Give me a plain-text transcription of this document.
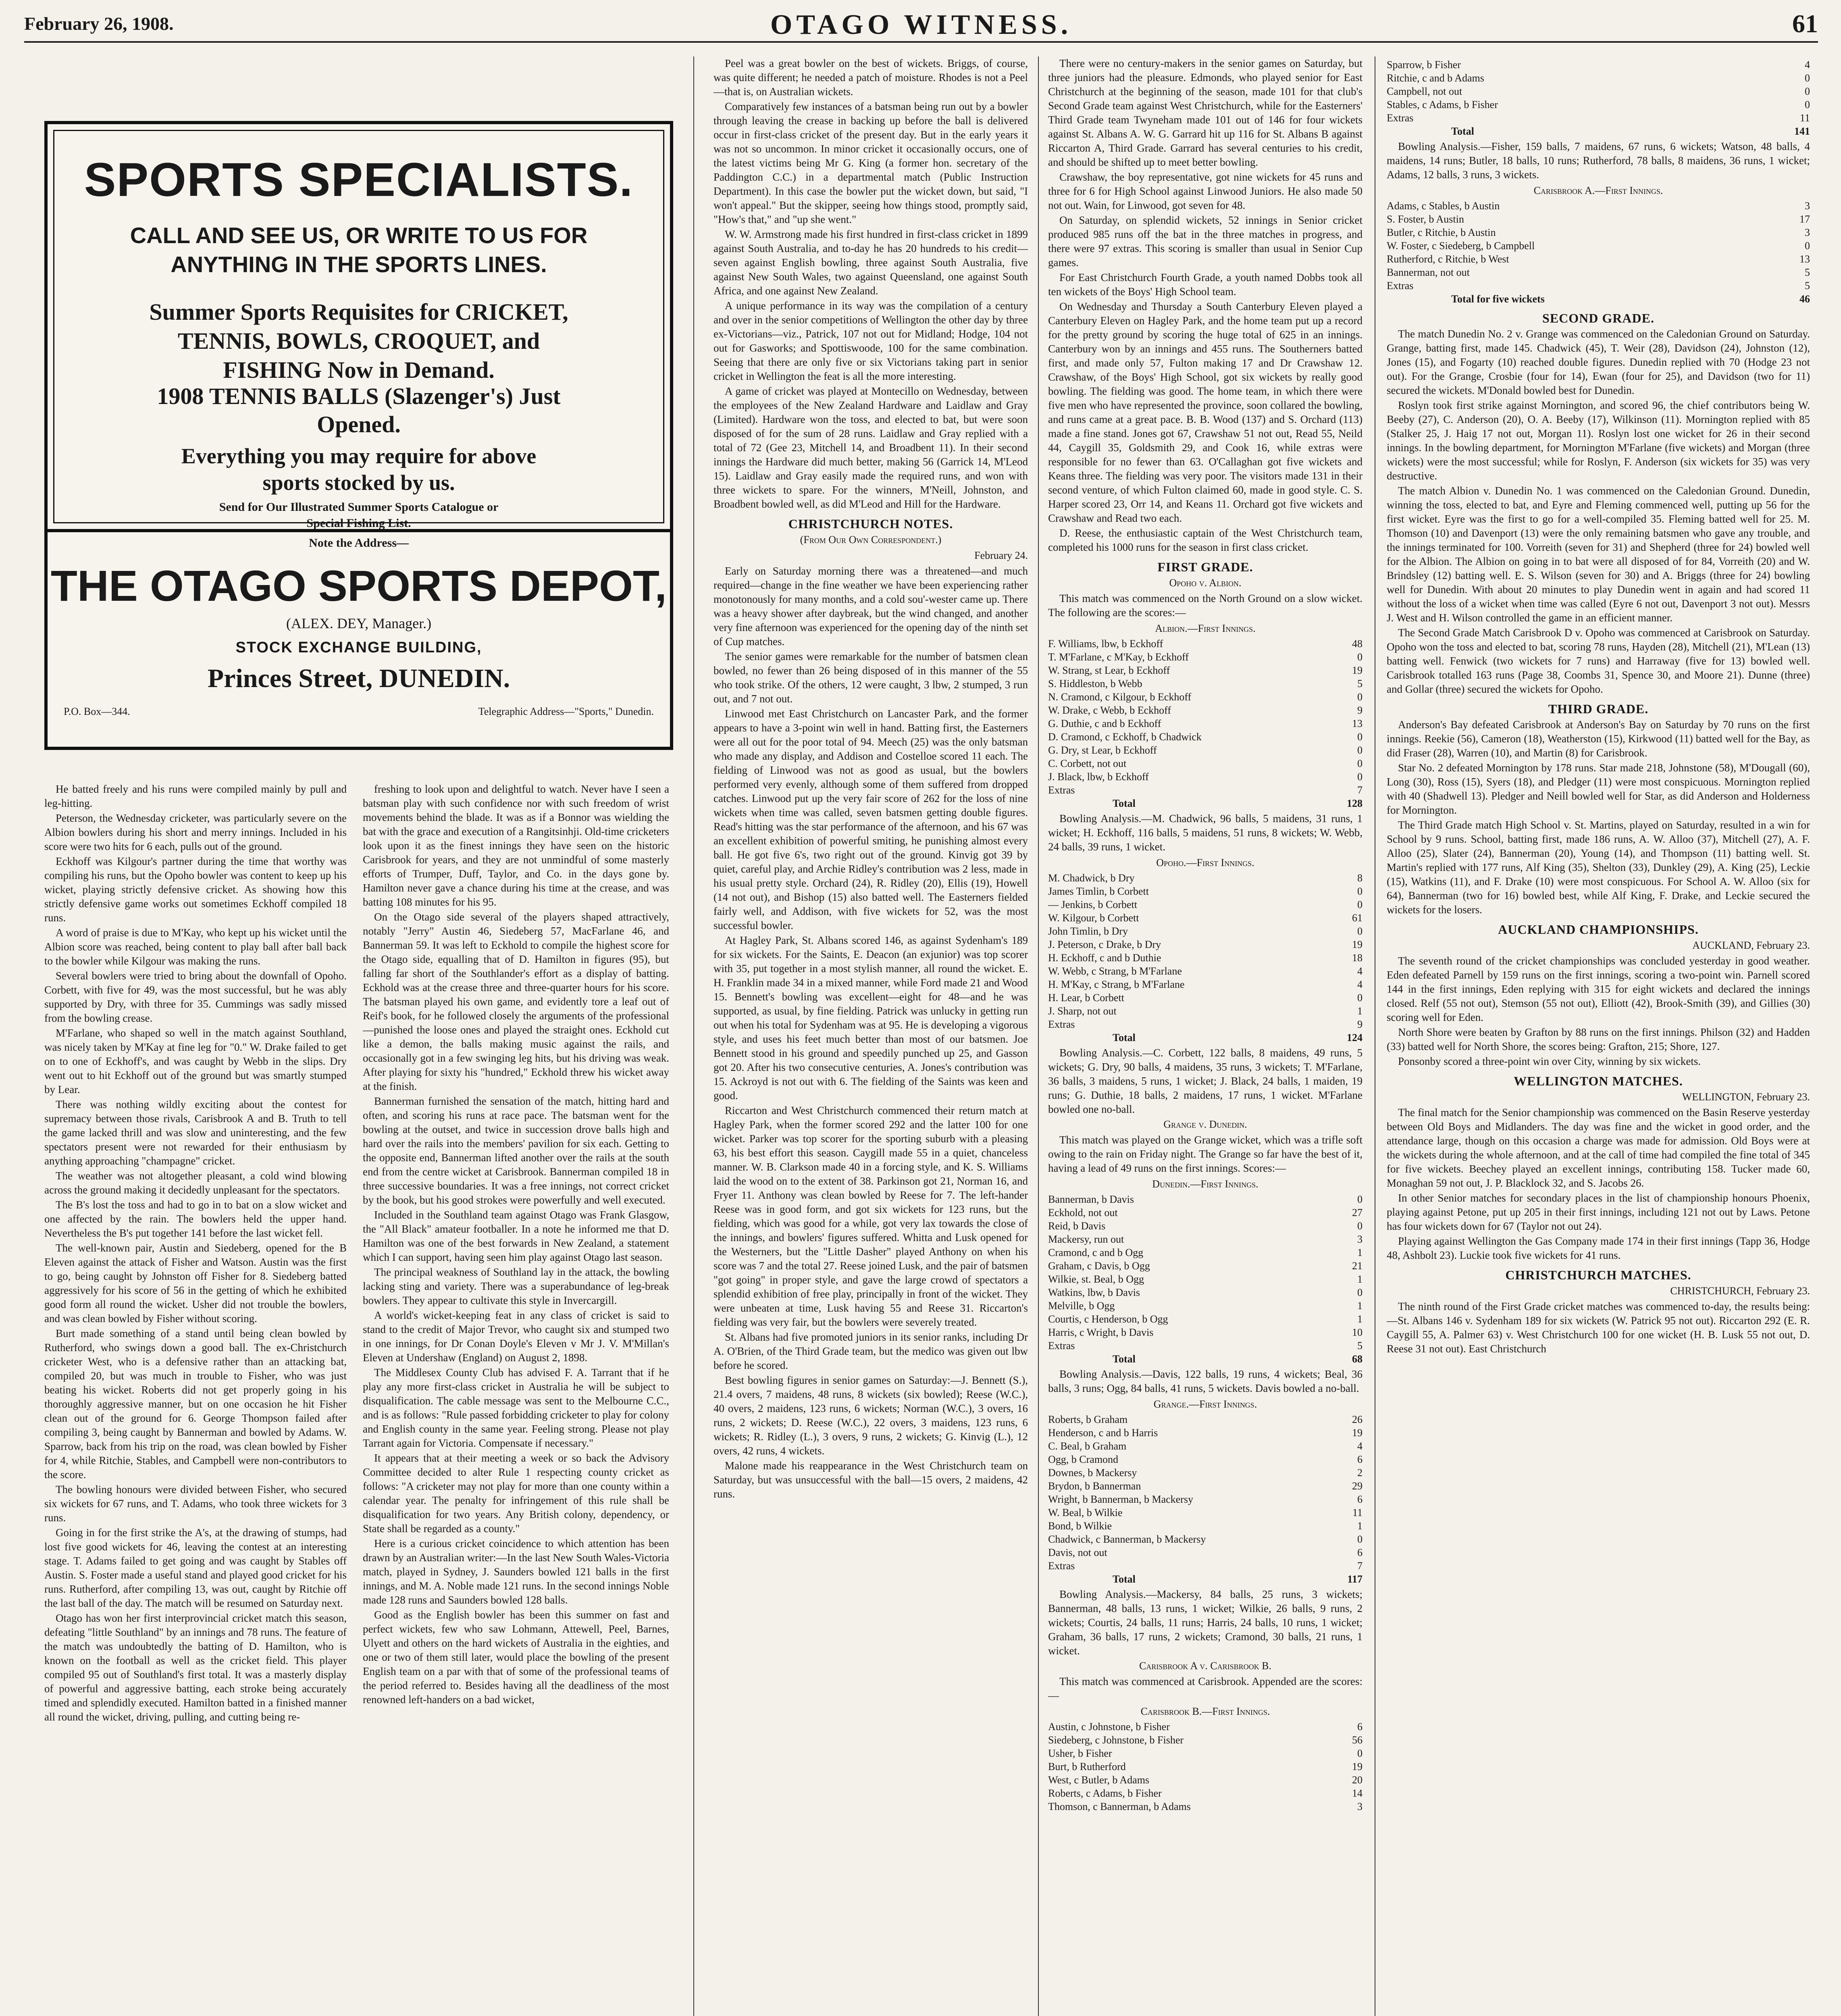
February 26, 1908.	OTAGO WITNESS.	61
SPORTS SPECIALISTS.
CALL AND SEE US, OR WRITE TO US FOR
ANYTHING IN THE SPORTS LINES.
Summer Sports Requisites for CRICKET,
TENNIS, BOWLS, CROQUET, and
FISHING Now in Demand.
1908 TENNIS BALLS (Slazenger's) Just
Opened.
Everything you may require for above
sports stocked by us.
Send for Our Illustrated Summer Sports Catalogue or
Special Fishing List.
Note the Address—
THE OTAGO SPORTS DEPOT,
(ALEX. DEY, Manager.)
STOCK EXCHANGE BUILDING,
Princes Street, DUNEDIN.
P.O. Box—344.	Telegraphic Address—"Sports," Dunedin.

He batted freely and his runs were compiled mainly by pull and leg-hitting.

Peterson, the Wednesday cricketer, was particularly severe on the Albion bowlers during his short and merry innings. Included in his score were two hits for 6 each, pulls out of the ground.

Eckhoff was Kilgour's partner during the time that worthy was compiling his runs, but the Opoho bowler was content to keep up his wicket, playing strictly defensive cricket. As showing how this strictly defensive game works out sometimes Eckhoff compiled 18 runs.

A word of praise is due to M'Kay, who kept up his wicket until the Albion score was reached, being content to play ball after ball back to the bowler while Kilgour was making the runs.

Several bowlers were tried to bring about the downfall of Opoho. Corbett, with five for 49, was the most successful, but he was ably supported by Dry, with three for 35. Cummings was sadly missed from the bowling crease.

M'Farlane, who shaped so well in the match against Southland, was nicely taken by M'Kay at fine leg for "0." W. Drake failed to get on to one of Eckhoff's, and was caught by Webb in the slips. Dry went out to hit Eckhoff out of the ground but was smartly stumped by Lear.

There was nothing wildly exciting about the contest for supremacy between those rivals, Carisbrook A and B. Truth to tell the game lacked thrill and was slow and uninteresting, and the few spectators present were not rewarded for their enthusiasm by anything approaching "champagne" cricket.

The weather was not altogether pleasant, a cold wind blowing across the ground making it decidedly unpleasant for the spectators.

The B's lost the toss and had to go in to bat on a slow wicket and one affected by the rain. The bowlers held the upper hand. Nevertheless the B's put together 141 before the last wicket fell.

The well-known pair, Austin and Siedeberg, opened for the B Eleven against the attack of Fisher and Watson. Austin was the first to go, being caught by Johnston off Fisher for 8. Siedeberg batted aggressively for his score of 56 in the getting of which he exhibited good form all round the wicket. Usher did not trouble the bowlers, and was clean bowled by Fisher without scoring.

Burt made something of a stand until being clean bowled by Rutherford, who swings down a good ball. The ex-Christchurch cricketer West, who is a defensive rather than an attacking bat, compiled 20, but was much in trouble to Fisher, who was just beating his wicket. Roberts did not get properly going in his thoroughly aggressive manner, but on one occasion he hit Fisher clean out of the ground for 6. George Thompson failed after compiling 3, being caught by Bannerman and bowled by Adams. W. Sparrow, back from his trip on the road, was clean bowled by Fisher for 4, while Ritchie, Stables, and Campbell were non-contributors to the score.

The bowling honours were divided between Fisher, who secured six wickets for 67 runs, and T. Adams, who took three wickets for 3 runs.

Going in for the first strike the A's, at the drawing of stumps, had lost five good wickets for 46, leaving the contest at an interesting stage. T. Adams failed to get going and was caught by Stables off Austin. S. Foster made a useful stand and played good cricket for his runs. Rutherford, after compiling 13, was out, caught by Ritchie off the last ball of the day. The match will be resumed on Saturday next.

Otago has won her first interprovincial cricket match this season, defeating "little Southland" by an innings and 78 runs. The feature of the match was undoubtedly the batting of D. Hamilton, who is known on the football as well as the cricket field. This player compiled 95 out of Southland's first total. It was a masterly display of powerful and aggressive batting, each stroke being accurately timed and splendidly executed. Hamilton batted in a finished manner all round the wicket, driving, pulling, and cutting being re-

freshing to look upon and delightful to watch. Never have I seen a batsman play with such confidence nor with such freedom of wrist movements behind the blade. It was as if a Bonnor was wielding the bat with the grace and execution of a Rangitsinhji. Old-time cricketers look upon it as the finest innings they have seen on the historic Carisbrook for years, and they are not unmindful of some masterly efforts of Trumper, Duff, Taylor, and Co. in the days gone by. Hamilton never gave a chance during his time at the crease, and was batting 108 minutes for his 95.

On the Otago side several of the players shaped attractively, notably "Jerry" Austin 46, Siedeberg 57, MacFarlane 46, and Bannerman 59. It was left to Eckhold to compile the highest score for the Otago side, equalling that of D. Hamilton in figures (95), but falling far short of the Southlander's effort as a display of batting. Eckhold was at the crease three and three-quarter hours for his score. The batsman played his own game, and evidently tore a leaf out of Reif's book, for he followed closely the arguments of the professional—punished the loose ones and played the straight ones. Eckhold cut like a demon, the balls making music against the rails, and occasionally got in a few swinging leg hits, but his driving was weak. After playing for sixty his "hundred," Eckhold threw his wicket away at the finish.

Bannerman furnished the sensation of the match, hitting hard and often, and scoring his runs at race pace. The batsman went for the bowling at the outset, and twice in succession drove balls high and hard over the rails into the members' pavilion for six each. Getting to the opposite end, Bannerman lifted another over the rails at the south end from the centre wicket at Carisbrook. Bannerman compiled 18 in three successive boundaries. It was a free innings, not correct cricket by the book, but his good strokes were powerfully and well executed.

Included in the Southland team against Otago was Frank Glasgow, the "All Black" amateur footballer. In a note he informed me that D. Hamilton was one of the best forwards in New Zealand, a statement which I can support, having seen him play against Otago last season.

The principal weakness of Southland lay in the attack, the bowling lacking sting and variety. There was a superabundance of leg-break bowlers. They appear to cultivate this style in Invercargill.

A world's wicket-keeping feat in any class of cricket is said to stand to the credit of Major Trevor, who caught six and stumped two in one innings, for Dr Conan Doyle's Eleven v Mr J. V. M'Millan's Eleven at Undershaw (England) on August 2, 1898.

The Middlesex County Club has advised F. A. Tarrant that if he play any more first-class cricket in Australia he will be subject to disqualification. The cable message was sent to the Melbourne C.C., and is as follows: "Rule passed forbidding cricketer to play for colony and English county in the same year. Feeling strong. Please not play Tarrant again for Victoria. Compensate if necessary."

It appears that at their meeting a week or so back the Advisory Committee decided to alter Rule 1 respecting county cricket as follows: "A cricketer may not play for more than one county within a calendar year. The penalty for infringement of this rule shall be disqualification for two years. Any British colony, dependency, or State shall be regarded as a county."

Here is a curious cricket coincidence to which attention has been drawn by an Australian writer:—In the last New South Wales-Victoria match, played in Sydney, J. Saunders bowled 121 balls in the first innings, and M. A. Noble made 121 runs. In the second innings Noble made 128 runs and Saunders bowled 128 balls.

Good as the English bowler has been this summer on fast and perfect wickets, few who saw Lohmann, Attewell, Peel, Barnes, Ulyett and others on the hard wickets of Australia in the eighties, and one or two of them still later, would place the bowling of the present English team on a par with that of some of the professional teams of the period referred to. Besides having all the deadliness of the most renowned left-handers on a bad wicket,

Peel was a great bowler on the best of wickets. Briggs, of course, was quite different; he needed a patch of moisture. Rhodes is not a Peel—that is, on Australian wickets.

Comparatively few instances of a batsman being run out by a bowler through leaving the crease in backing up before the ball is delivered occur in first-class cricket of the present day. But in the early years it was not so uncommon. In minor cricket it occasionally occurs, one of the latest victims being Mr G. King (a former hon. secretary of the Paddington C.C.) in a departmental match (Public Instruction Department). In this case the bowler put the wicket down, but said, "I won't appeal." But the skipper, seeing how things stood, promptly said, "How's that," and "up she went."

W. W. Armstrong made his first hundred in first-class cricket in 1899 against South Australia, and to-day he has 20 hundreds to his credit—seven against English bowling, three against South Australia, five against New South Wales, two against Queensland, one against South Africa, and one against New Zealand.

A unique performance in its way was the compilation of a century and over in the senior competitions of Wellington the other day by three ex-Victorians—viz., Patrick, 107 not out for Midland; Hodge, 104 not out for Gasworks; and Spottiswoode, 100 for the same combination. Seeing that there are only five or six Victorians taking part in senior cricket in Wellington the feat is all the more interesting.

A game of cricket was played at Montecillo on Wednesday, between the employees of the New Zealand Hardware and Laidlaw and Gray (Limited). Hardware won the toss, and elected to bat, but were soon disposed of for the sum of 28 runs. Laidlaw and Gray replied with a total of 72 (Gee 23, Mitchell 14, and Broadbent 11). In their second innings the Hardware did much better, making 56 (Garrick 14, M'Leod 15). Laidlaw and Gray easily made the required runs, and won with three wickets to spare. For the winners, M'Neill, Johnston, and Broadbent bowled well, as did M'Leod and Hill for the Hardware.

CHRISTCHURCH NOTES.
(From Our Own Correspondent.)
February 24.

Early on Saturday morning there was a threatened—and much required—change in the fine weather we have been experiencing rather monotonously for many months, and a cold sou'-wester came up. There was a heavy shower after daybreak, but the wind changed, and another very fine afternoon was experienced for the opening day of the ninth set of Cup matches.

The senior games were remarkable for the number of batsmen clean bowled, no fewer than 26 being disposed of in this manner of the 55 who took strike. Of the others, 12 were caught, 3 lbw, 2 stumped, 3 run out, and 7 not out.

Linwood met East Christchurch on Lancaster Park, and the former appears to have a 3-point win well in hand. Batting first, the Easterners were all out for the poor total of 94. Meech (25) was the only batsman who made any display, and Addison and Costelloe scored 11 each. The fielding of Linwood was not as good as usual, but the bowlers performed very evenly, although some of them suffered from dropped catches. Linwood put up the very fair score of 262 for the loss of nine wickets when time was called, seven batsmen getting double figures. Read's hitting was the star performance of the afternoon, and his 67 was an excellent exhibition of powerful smiting, he punishing almost every ball. He got five 6's, two right out of the ground. Kinvig got 39 by quiet, careful play, and Archie Ridley's contribution was 2 less, made in his usual pretty style. Orchard (24), R. Ridley (20), Ellis (19), Howell (14 not out), and Bishop (15) also batted well. The Easterners fielded fairly well, and Addison, with five wickets for 52, was the most successful bowler.

At Hagley Park, St. Albans scored 146, as against Sydenham's 189 for six wickets. For the Saints, E. Deacon (an exjunior) was top scorer with 35, put together in a most stylish manner, all round the wicket. E. H. Franklin made 34 in a mixed manner, while Ford made 21 and Wood 15. Bennett's bowling was excellent—eight for 48—and he was supported, as usual, by fine fielding. Patrick was unlucky in getting run out when his total for Sydenham was at 95. He is developing a vigorous style, and uses his feet much better than most of our batsmen. Joe Bennett stood in his ground and speedily punched up 25, and Gasson got 20. After his two consecutive centuries, A. Jones's contribution was 15. Ackroyd is not out with 6. The fielding of the Saints was keen and good.

Riccarton and West Christchurch commenced their return match at Hagley Park, when the former scored 292 and the latter 100 for one wicket. Parker was top scorer for the sporting suburb with a pleasing 63, his best effort this season. Caygill made 55 in a quiet, chanceless manner. W. B. Clarkson made 40 in a forcing style, and K. S. Williams laid the wood on to the extent of 38. Parkinson got 21, Norman 16, and Fryer 11. Anthony was clean bowled by Reese for 7. The left-hander Reese was in good form, and got six wickets for 123 runs, but the fielding, which was good for a while, got very lax towards the close of the innings, and bowlers' figures suffered. Whitta and Lusk opened for the Westerners, but the "Little Dasher" played Anthony on when his score was 7 and the total 27. Reese joined Lusk, and the pair of batsmen "got going" in proper style, and gave the large crowd of spectators a splendid exhibition of free play, principally in front of the wicket. They were unbeaten at time, Lusk having 55 and Reese 31. Riccarton's fielding was very fair, but the bowlers were severely treated.

St. Albans had five promoted juniors in its senior ranks, including Dr A. O'Brien, of the Third Grade team, but the medico was given out lbw before he scored.

Best bowling figures in senior games on Saturday:—J. Bennett (S.), 21.4 overs, 7 maidens, 48 runs, 8 wickets (six bowled); Reese (W.C.), 40 overs, 2 maidens, 123 runs, 6 wickets; Norman (W.C.), 3 overs, 16 runs, 2 wickets; D. Reese (W.C.), 22 overs, 3 maidens, 123 runs, 6 wickets; R. Ridley (L.), 3 overs, 9 runs, 2 wickets; G. Kinvig (L.), 12 overs, 42 runs, 4 wickets.

Malone made his reappearance in the West Christchurch team on Saturday, but was unsuccessful with the ball—15 overs, 2 maidens, 42 runs.

There were no century-makers in the senior games on Saturday, but three juniors had the pleasure. Edmonds, who played senior for East Christchurch at the beginning of the season, made 101 for that club's Second Grade team against West Christchurch, while for the Easterners' Third Grade team Twyneham made 101 out of 146 for four wickets against St. Albans A. W. G. Garrard hit up 116 for St. Albans B against Riccarton A, Third Grade. Garrard has several centuries to his credit, and should be shifted up to meet better bowling.

Crawshaw, the boy representative, got nine wickets for 45 runs and three for 6 for High School against Linwood Juniors. He also made 50 not out. Wain, for Linwood, got seven for 48.

On Saturday, on splendid wickets, 52 innings in Senior cricket produced 985 runs off the bat in the three matches in progress, and there were 97 extras. This scoring is smaller than usual in Senior Cup games.

For East Christchurch Fourth Grade, a youth named Dobbs took all ten wickets of the Boys' High School team.

On Wednesday and Thursday a South Canterbury Eleven played a Canterbury Eleven on Hagley Park, and the home team put up a record for the pretty ground by scoring the huge total of 625 in an innings. Canterbury won by an innings and 455 runs. The Southerners batted first, and made only 57, Fulton making 17 and Dr Crawshaw 12. Crawshaw, of the Boys' High School, got six wickets by really good bowling. The fielding was good. The home team, in which there were five men who have represented the province, soon collared the bowling, and runs came at a great pace. B. B. Wood (137) and S. Orchard (113) made a fine stand. Jones got 67, Crawshaw 51 not out, Read 55, Neild 44, Caygill 35, Goldsmith 29, and Cook 16, while extras were responsible for no fewer than 63. O'Callaghan got five wickets and Keans three. The fielding was very poor. The visitors made 131 in their second venture, of which Fulton claimed 60, made in good style. C. S. Harper scored 23, Orr 14, and Keans 11. Orchard got five wickets and Crawshaw and Read two each.

D. Reese, the enthusiastic captain of the West Christchurch team, completed his 1000 runs for the season in first class cricket.

FIRST GRADE.
Opoho v. Albion.

This match was commenced on the North Ground on a slow wicket. The following are the scores:—

Albion.—First Innings.
F. Williams, lbw, b Eckhoff	48
T. M'Farlane, c M'Kay, b Eckhoff	0
W. Strang, st Lear, b Eckhoff	19
S. Hiddleston, b Webb	5
N. Cramond, c Kilgour, b Eckhoff	0
W. Drake, c Webb, b Eckhoff	9
G. Duthie, c and b Eckhoff	13
D. Cramond, c Eckhoff, b Chadwick	0
G. Dry, st Lear, b Eckhoff	0
C. Corbett, not out	0
J. Black, lbw, b Eckhoff	0
Extras	7
Total	128

Bowling Analysis.—M. Chadwick, 96 balls, 5 maidens, 31 runs, 1 wicket; H. Eckhoff, 116 balls, 5 maidens, 51 runs, 8 wickets; W. Webb, 24 balls, 39 runs, 1 wicket.

Opoho.—First Innings.
M. Chadwick, b Dry	8
James Timlin, b Corbett	0
— Jenkins, b Corbett	0
W. Kilgour, b Corbett	61
John Timlin, b Dry	0
J. Peterson, c Drake, b Dry	19
H. Eckhoff, c and b Duthie	18
W. Webb, c Strang, b M'Farlane	4
H. M'Kay, c Strang, b M'Farlane	4
H. Lear, b Corbett	0
J. Sharp, not out	1
Extras	9
Total	124

Bowling Analysis.—C. Corbett, 122 balls, 8 maidens, 49 runs, 5 wickets; G. Dry, 90 balls, 4 maidens, 35 runs, 3 wickets; T. M'Farlane, 36 balls, 3 maidens, 5 runs, 1 wicket; J. Black, 24 balls, 1 maiden, 19 runs; G. Duthie, 18 balls, 2 maidens, 17 runs, 1 wicket. M'Farlane bowled one no-ball.

Grange v. Dunedin.

This match was played on the Grange wicket, which was a trifle soft owing to the rain on Friday night. The Grange so far have the best of it, having a lead of 49 runs on the first innings. Scores:—

Dunedin.—First Innings.
Bannerman, b Davis	0
Eckhold, not out	27
Reid, b Davis	0
Mackersy, run out	3
Cramond, c and b Ogg	1
Graham, c Davis, b Ogg	21
Wilkie, st. Beal, b Ogg	1
Watkins, lbw, b Davis	0
Melville, b Ogg	1
Courtis, c Henderson, b Ogg	1
Harris, c Wright, b Davis	10
Extras	5
Total	68

Bowling Analysis.—Davis, 122 balls, 19 runs, 4 wickets; Beal, 36 balls, 3 runs; Ogg, 84 balls, 41 runs, 5 wickets. Davis bowled a no-ball.

Grange.—First Innings.
Roberts, b Graham	26
Henderson, c and b Harris	19
C. Beal, b Graham	4
Ogg, b Cramond	6
Downes, b Mackersy	2
Brydon, b Bannerman	29
Wright, b Bannerman, b Mackersy	6
W. Beal, b Wilkie	11
Bond, b Wilkie	1
Chadwick, c Bannerman, b Mackersy	0
Davis, not out	6
Extras	7
Total	117

Bowling Analysis.—Mackersy, 84 balls, 25 runs, 3 wickets; Bannerman, 48 balls, 13 runs, 1 wicket; Wilkie, 26 balls, 9 runs, 2 wickets; Courtis, 24 balls, 11 runs; Harris, 24 balls, 10 runs, 1 wicket; Graham, 36 balls, 17 runs, 2 wickets; Cramond, 30 balls, 21 runs, 1 wicket.

Carisbrook A v. Carisbrook B.

This match was commenced at Carisbrook. Appended are the scores:—

Carisbrook B.—First Innings.
Austin, c Johnstone, b Fisher	6
Siedeberg, c Johnstone, b Fisher	56
Usher, b Fisher	0
Burt, b Rutherford	19
West, c Butler, b Adams	20
Roberts, c Adams, b Fisher	14
Thomson, c Bannerman, b Adams	3
Sparrow, b Fisher	4
Ritchie, c and b Adams	0
Campbell, not out	0
Stables, c Adams, b Fisher	0
Extras	11
Total	141

Bowling Analysis.—Fisher, 159 balls, 7 maidens, 67 runs, 6 wickets; Watson, 48 balls, 4 maidens, 14 runs; Butler, 18 balls, 10 runs; Rutherford, 78 balls, 8 maidens, 36 runs, 1 wicket; Adams, 12 balls, 3 runs, 3 wickets.

Carisbrook A.—First Innings.
Adams, c Stables, b Austin	3
S. Foster, b Austin	17
Butler, c Ritchie, b Austin	3
W. Foster, c Siedeberg, b Campbell	0
Rutherford, c Ritchie, b West	13
Bannerman, not out	5
Extras	5
Total for five wickets	46
SECOND GRADE.

The match Dunedin No. 2 v. Grange was commenced on the Caledonian Ground on Saturday. Grange, batting first, made 145. Chadwick (45), T. Weir (28), Davidson (24), Johnston (12), Jones (15), and Fogarty (10) reached double figures. Dunedin replied with 70 (Hodge 23 not out). For the Grange, Crosbie (four for 14), Ewan (four for 25), and Davidson (two for 11) secured the wickets. M'Donald bowled best for Dunedin.

Roslyn took first strike against Mornington, and scored 96, the chief contributors being W. Beeby (27), C. Anderson (20), O. A. Beeby (17), Wilkinson (11). Mornington replied with 85 (Stalker 25, J. Haig 17 not out, Morgan 11). Roslyn lost one wicket for 26 in their second innings. In the bowling department, for Mornington M'Farlane (five wickets) and Morgan (three wickets) were the most successful; while for Roslyn, F. Anderson (six wickets for 35) was very destructive.

The match Albion v. Dunedin No. 1 was commenced on the Caledonian Ground. Dunedin, winning the toss, elected to bat, and Eyre and Fleming commenced well, putting up 56 for the first wicket. Eyre was the first to go for a well-compiled 35. Fleming batted well for 25. M. Thomson (10) and Davenport (13) were the only remaining batsmen who gave any trouble, and the innings terminated for 100. Vorreith (seven for 31) and Shepherd (three for 24) bowled well for the Albion. The Albion on going in to bat were all disposed of for 84, Vorreith (20) and W. Brindsley (12) batting well. E. S. Wilson (seven for 30) and A. Briggs (three for 24) bowling well for Dunedin. With about 20 minutes to play Dunedin went in again and had scored 11 without the loss of a wicket when time was called (Eyre 6 not out, Davenport 3 not out). Messrs J. West and H. Wilson controlled the game in an efficient manner.

The Second Grade Match Carisbrook D v. Opoho was commenced at Carisbrook on Saturday. Opoho won the toss and elected to bat, scoring 78 runs, Hayden (28), Mitchell (21), M'Lean (13) batting well. Fenwick (two wickets for 7 runs) and Harraway (five for 13) bowled well. Carisbrook totalled 163 runs (Page 38, Coombs 31, Spence 30, and Moore 21). Dunne (three) and Gollar (three) secured the wickets for Opoho.

THIRD GRADE.

Anderson's Bay defeated Carisbrook at Anderson's Bay on Saturday by 70 runs on the first innings. Reekie (56), Cameron (18), Weatherston (15), Kirkwood (11) batted well for the Bay, as did Fraser (28), Warren (10), and Martin (8) for Carisbrook.

Star No. 2 defeated Mornington by 178 runs. Star made 218, Johnstone (58), M'Dougall (60), Long (30), Ross (15), Syers (18), and Pledger (11) were most conspicuous. Mornington replied with 40 (Shadwell 13). Pledger and Neill bowled well for Star, as did Anderson and Holderness for Mornington.

The Third Grade match High School v. St. Martins, played on Saturday, resulted in a win for School by 9 runs. School, batting first, made 186 runs, A. W. Alloo (37), Mitchell (27), A. F. Alloo (25), Slater (24), Bannerman (20), Young (14), and Thompson (11) batting well. St. Martin's replied with 177 runs, Alf King (35), Shelton (33), Dunkley (29), A. King (25), Leckie (15), Watkins (11), and F. Drake (10) were most conspicuous. For School A. W. Alloo (six for 64), Bannerman (two for 16) bowled best, while Alf King, F. Drake, and Leckie secured the wickets for the losers.

AUCKLAND CHAMPIONSHIPS.
AUCKLAND, February 23.

The seventh round of the cricket championships was concluded yesterday in good weather. Eden defeated Parnell by 159 runs on the first innings, scoring a two-point win. Parnell scored 144 in the first innings, Eden replying with 315 for eight wickets and declared the innings closed. Relf (55 not out), Stemson (55 not out), Elliott (42), Brook-Smith (39), and Gillies (30) scoring well for Eden.

North Shore were beaten by Grafton by 88 runs on the first innings. Philson (32) and Hadden (33) batted well for North Shore, the scores being: Grafton, 215; Shore, 127.

Ponsonby scored a three-point win over City, winning by six wickets.

WELLINGTON MATCHES.
WELLINGTON, February 23.

The final match for the Senior championship was commenced on the Basin Reserve yesterday between Old Boys and Midlanders. The day was fine and the wicket in good order, and the attendance large, though on this occasion a charge was made for admission. Old Boys were at the wickets during the whole afternoon, and at the call of time had compiled the fine total of 345 for five wickets. Beechey played an excellent innings, contributing 158. Tucker made 60, Monaghan 59 not out, J. P. Blacklock 32, and S. Jacobs 26.

In other Senior matches for secondary places in the list of championship honours Phoenix, playing against Petone, put up 205 in their first innings, including 121 not out by Laws. Petone has four wickets down for 67 (Taylor not out 24).

Playing against Wellington the Gas Company made 174 in their first innings (Tapp 36, Hodge 48, Ashbolt 23). Luckie took five wickets for 41 runs.

CHRISTCHURCH MATCHES.
CHRISTCHURCH, February 23.

The ninth round of the First Grade cricket matches was commenced to-day, the results being:—St. Albans 146 v. Sydenham 189 for six wickets (W. Patrick 95 not out). Riccarton 292 (E. R. Caygill 55, A. Palmer 63) v. West Christchurch 100 for one wicket (H. B. Lusk 55 not out, D. Reese 31 not out). East Christchurch
